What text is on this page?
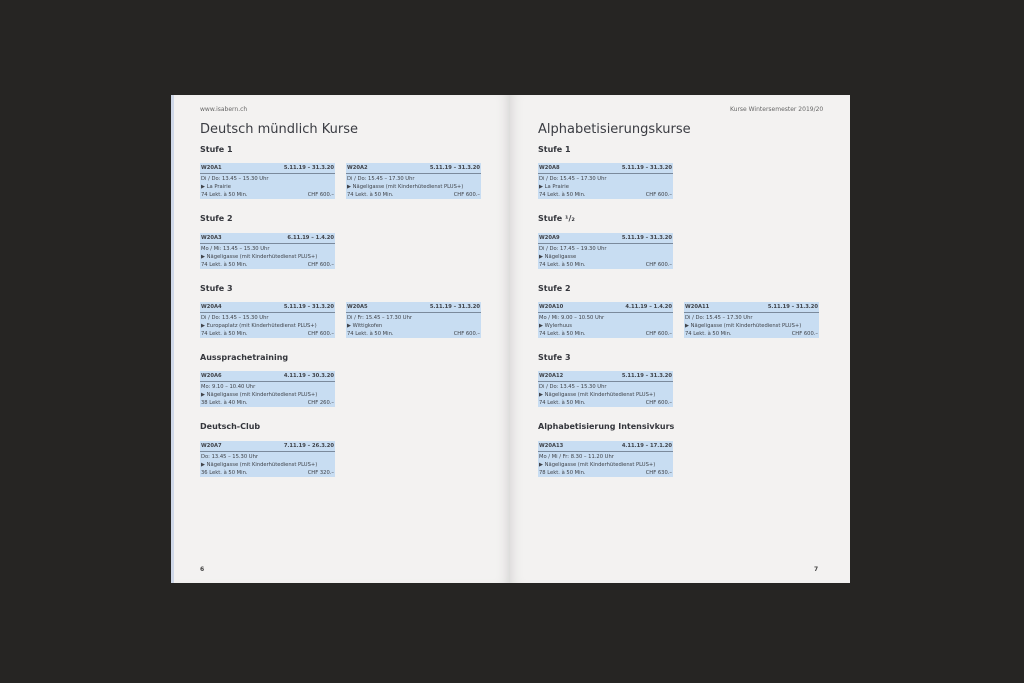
www.isabern.ch
Deutsch mündlich Kurse
6
Stufe 1
Stufe 2
Stufe 3
Aussprachetraining
Deutsch-Club
W20A1	5.11.19 – 31.3.20
Di / Do: 13.45 – 15.30 Uhr
▶ La Prairie
74 Lekt. à 50 Min.	CHF 600.–
W20A2	5.11.19 – 31.3.20
Di / Do: 15.45 – 17.30 Uhr
▶ Nägeligasse (mit Kinderhütedienst PLUS+)
74 Lekt. à 50 Min.	CHF 600.–
W20A3	6.11.19 – 1.4.20
Mo / Mi: 13.45 – 15.30 Uhr
▶ Nägeligasse (mit Kinderhütedienst PLUS+)
74 Lekt. à 50 Min.	CHF 600.–
W20A4	5.11.19 – 31.3.20
Di / Do: 13.45 – 15.30 Uhr
▶ Europaplatz (mit Kinderhütedienst PLUS+)
74 Lekt. à 50 Min.	CHF 600.–
W20A5	5.11.19 – 31.3.20
Di / Fr: 15.45 – 17.30 Uhr
▶ Wittigkofen
74 Lekt. à 50 Min.	CHF 600.–
W20A6	4.11.19 – 30.3.20
Mo: 9.10 – 10.40 Uhr
▶ Nägeligasse (mit Kinderhütedienst PLUS+)
38 Lekt. à 40 Min.	CHF 260.–
W20A7	7.11.19 – 26.3.20
Do: 13.45 – 15.30 Uhr
▶ Nägeligasse (mit Kinderhütedienst PLUS+)
36 Lekt. à 50 Min.	CHF 320.–
Kurse Wintersemester 2019/20
Alphabetisierungskurse
7
Stufe 1
Stufe ¹/₂
Stufe 2
Stufe 3
Alphabetisierung Intensivkurs
W20A8	5.11.19 – 31.3.20
Di / Do: 15.45 – 17.30 Uhr
▶ La Prairie
74 Lekt. à 50 Min.	CHF 600.–
W20A9	5.11.19 – 31.3.20
Di / Do: 17.45 – 19.30 Uhr
▶ Nägeligasse
74 Lekt. à 50 Min.	CHF 600.–
W20A10	4.11.19 – 1.4.20
Mo / Mi: 9.00 – 10.50 Uhr
▶ Wylerhuus
74 Lekt. à 50 Min.	CHF 600.–
W20A11	5.11.19 – 31.3.20
Di / Do: 15.45 – 17.30 Uhr
▶ Nägeligasse (mit Kinderhütedienst PLUS+)
74 Lekt. à 50 Min.	CHF 600.–
W20A12	5.11.19 – 31.3.20
Di / Do: 13.45 – 15.30 Uhr
▶ Nägeligasse (mit Kinderhütedienst PLUS+)
74 Lekt. à 50 Min.	CHF 600.–
W20A13	4.11.19 – 17.1.20
Mo / Mi / Fr: 8.30 – 11.20 Uhr
▶ Nägeligasse (mit Kinderhütedienst PLUS+)
78 Lekt. à 50 Min.	CHF 630.–
